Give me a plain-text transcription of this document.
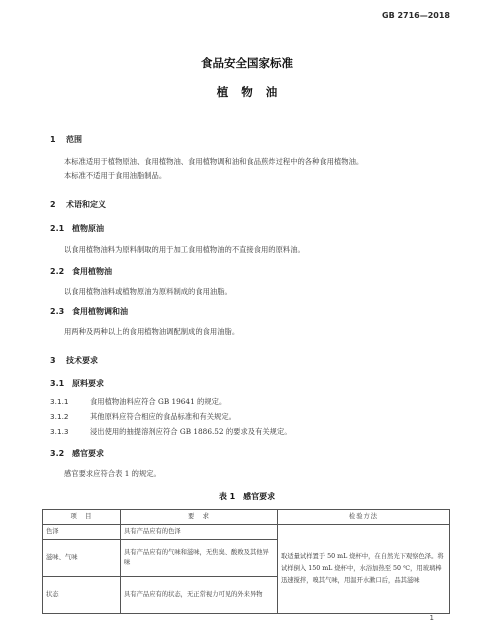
GB 2716—2018
食品安全国家标准
植物油
1 范围
本标准适用于植物原油、食用植物油、食用植物调和油和食品煎炸过程中的各种食用植物油。
本标准不适用于食用油脂制品。
2 术语和定义
2.1 植物原油
以食用植物油料为原料制取的用于加工食用植物油的不直接食用的原料油。
2.2 食用植物油
以食用植物油料或植物原油为原料制成的食用油脂。
2.3 食用植物调和油
用两种及两种以上的食用植物油调配制成的食用油脂。
3 技术要求
3.1 原料要求
3.1.1	食用植物油料应符合 GB 19641 的规定。
3.1.2	其他原料应符合相应的食品标准和有关规定。
3.1.3	浸出使用的抽提溶剂应符合 GB 1886.52 的要求及有关规定。
3.2 感官要求
感官要求应符合表 1 的规定。
表 1　感官要求
项　目	要　求	检验方法
色泽	具有产品应有的色泽	取适量试样置于 50 mL 烧杯中，在自然光下观察色泽。将试样倒入 150 mL 烧杯中，水浴加热至 50 ℃，用玻璃棒迅速搅拌，嗅其气味，用温开水漱口后，品其滋味
滋味、气味	具有产品应有的气味和滋味，无焦臭、酸败及其他异味	
状态	具有产品应有的状态，无正常视力可见的外来异物	
1
